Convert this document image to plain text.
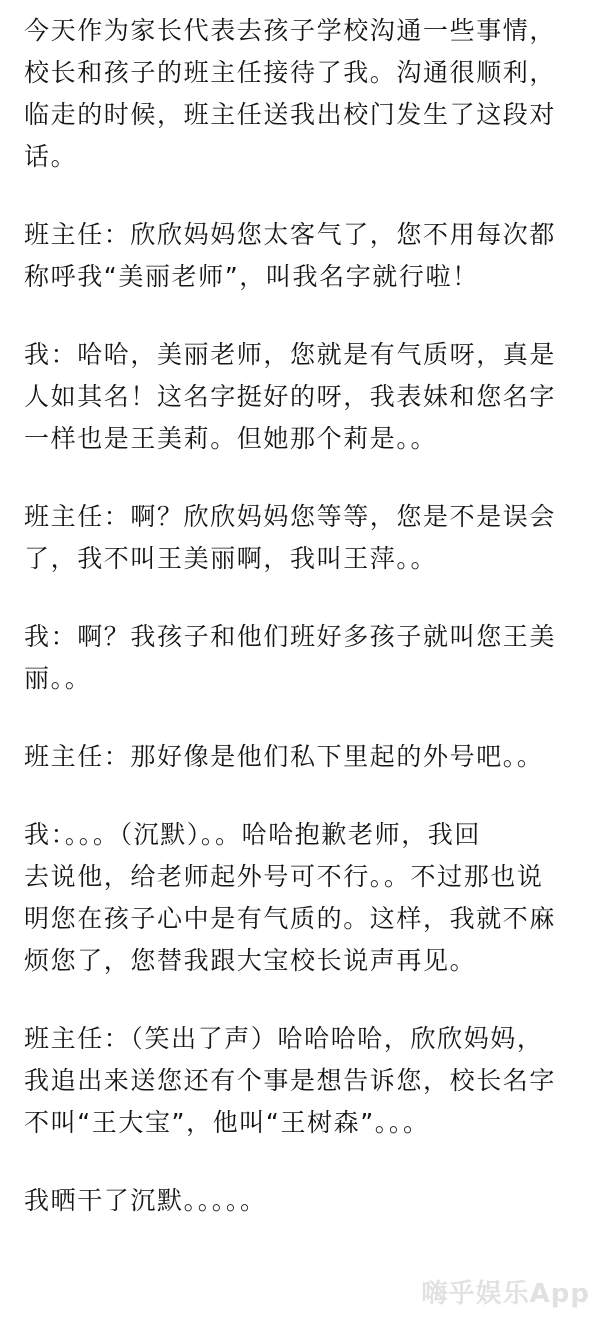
今天作为家长代表去孩子学校沟通一些事情，
校长和孩子的班主任接待了我。沟通很顺利，
临走的时候，班主任送我出校门发生了这段对
话。

班主任：欣欣妈妈您太客气了，您不用每次都
称呼我“美丽老师”，叫我名字就行啦！

我：哈哈，美丽老师，您就是有气质呀，真是
人如其名！这名字挺好的呀，我表妹和您名字
一样也是王美莉。但她那个莉是。。

班主任：啊？欣欣妈妈您等等，您是不是误会
了，我不叫王美丽啊，我叫王萍。。

我：啊？我孩子和他们班好多孩子就叫您王美
丽。。

班主任：那好像是他们私下里起的外号吧。。

我：。。。（沉默）。。哈哈抱歉老师，我回
去说他，给老师起外号可不行。。不过那也说
明您在孩子心中是有气质的。这样，我就不麻
烦您了，您替我跟大宝校长说声再见。

班主任：（笑出了声）哈哈哈哈，欣欣妈妈，
我追出来送您还有个事是想告诉您，校长名字
不叫“王大宝”，他叫“王树森”。。。

我晒干了沉默。。。。。

嗨乎娱乐App
